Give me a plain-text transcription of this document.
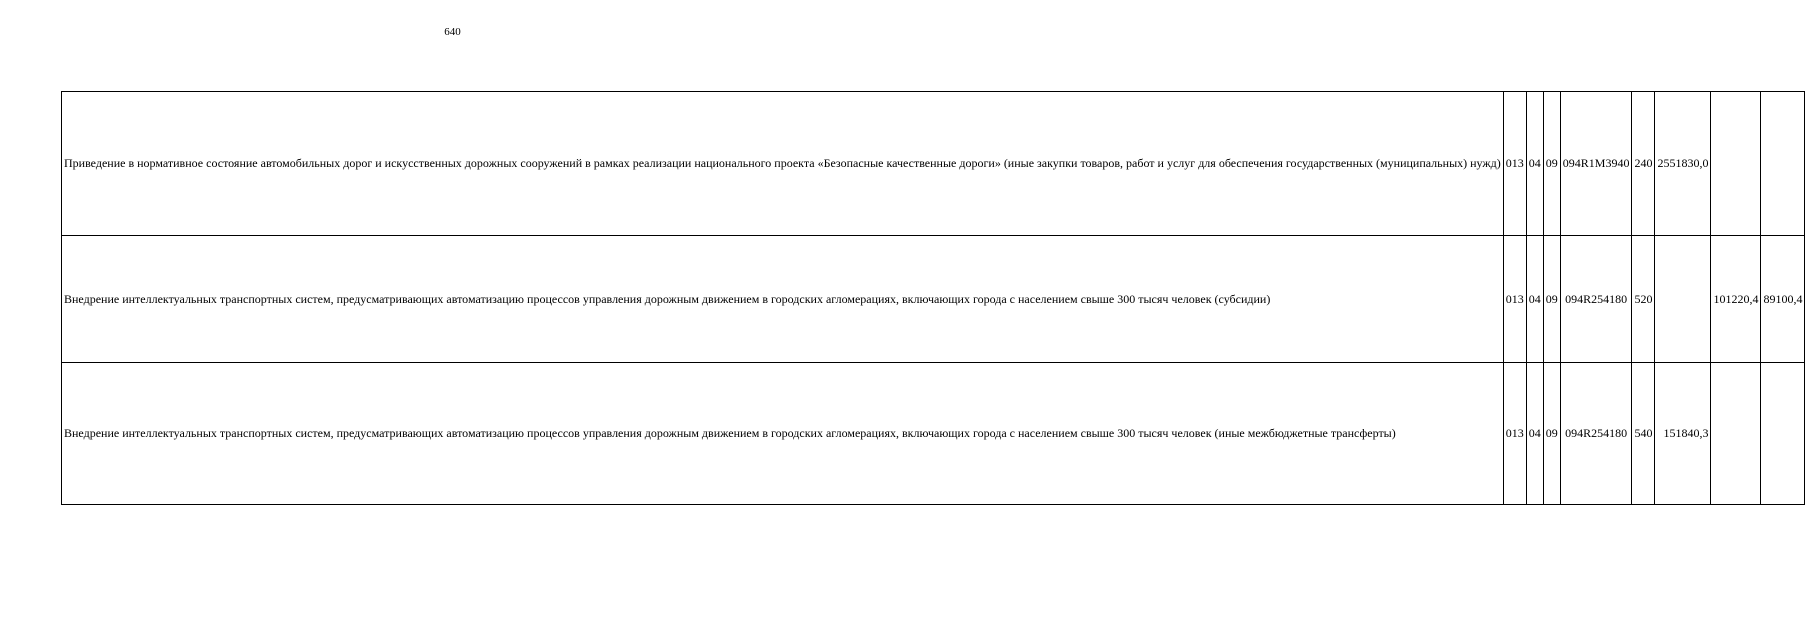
640
Приведение в нормативное состояние автомобильных дорог и искусственных дорожных сооружений в рамках реализации национального проекта «Безопасные качественные дороги» (иные закупки товаров, работ и услуг для обеспечения государственных (муниципальных) нужд)	013	04	09	094R1M3940	240	2551830,0		
Внедрение интеллектуальных транспортных систем, предусматривающих автоматизацию процессов управления дорожным движением в городских агломерациях, включающих города с населением свыше 300 тысяч человек (субсидии)	013	04	09	094R254180	520		101220,4	89100,4
Внедрение интеллектуальных транспортных систем, предусматривающих автоматизацию процессов управления дорожным движением в городских агломерациях, включающих города с населением свыше 300 тысяч человек (иные межбюджетные трансферты)	013	04	09	094R254180	540	151840,3		
